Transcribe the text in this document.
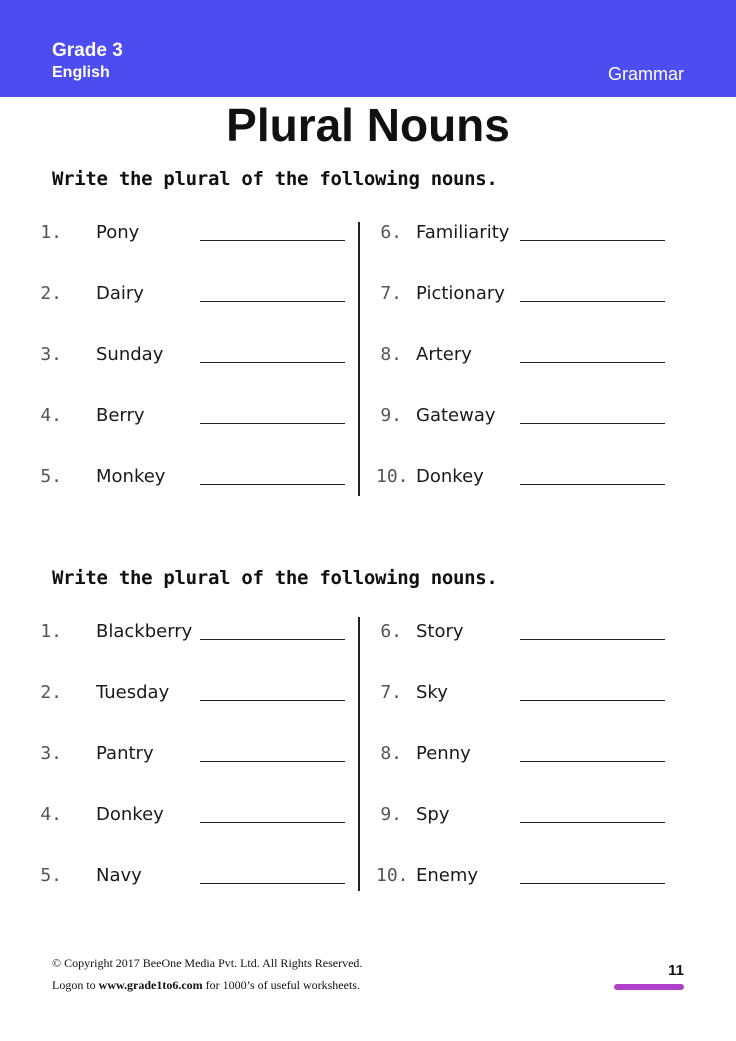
Grade 3
English	Grammar
Plural Nouns
Write the plural of the following nouns.
1. Pony
2. Dairy
3. Sunday
4. Berry
5. Monkey
6. Familiarity
7. Pictionary
8. Artery
9. Gateway
10. Donkey
Write the plural of the following nouns.
1. Blackberry
2. Tuesday
3. Pantry
4. Donkey
5. Navy
6. Story
7. Sky
8. Penny
9. Spy
10. Enemy
© Copyright 2017 BeeOne Media Pvt. Ltd. All Rights Reserved.
Logon to www.grade1to6.com for 1000’s of useful worksheets.
11
